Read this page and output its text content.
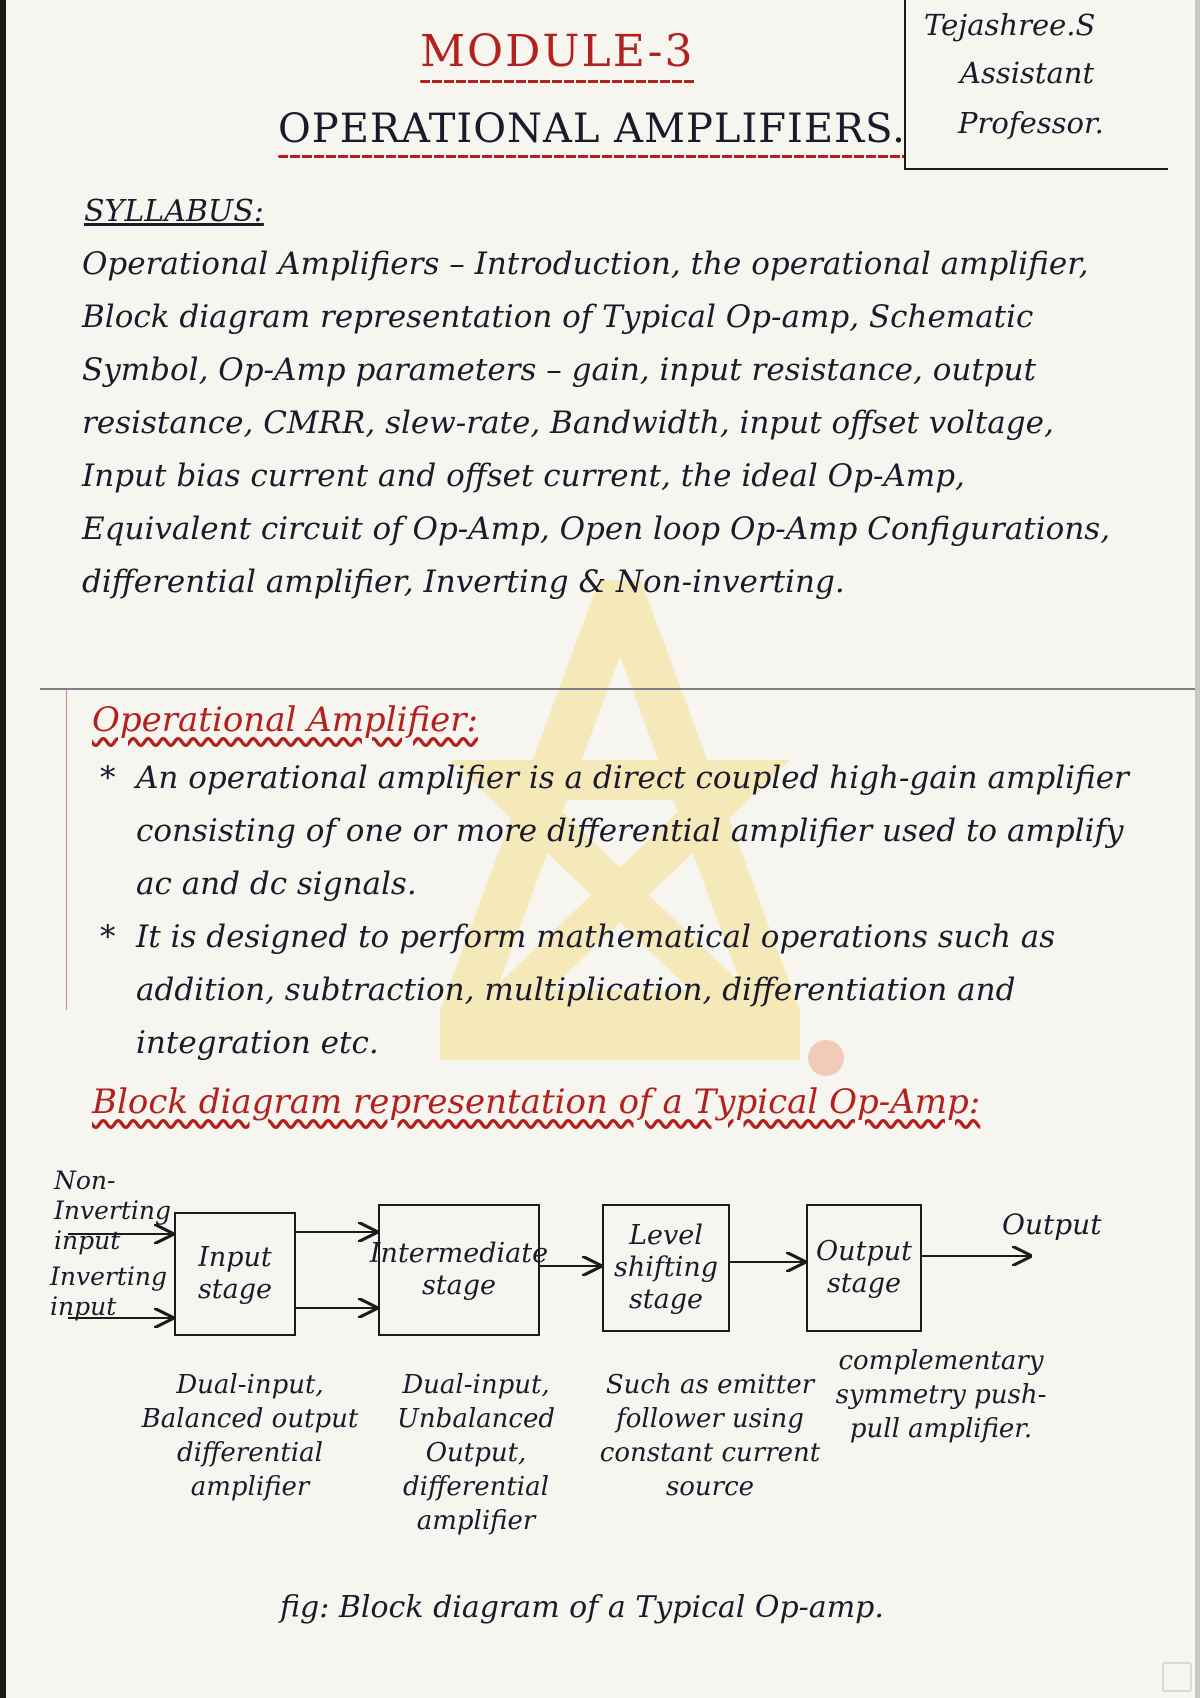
MODULE-3
OPERATIONAL AMPLIFIERS.
Tejashree.S
Assistant
Professor.
SYLLABUS:
Operational Amplifiers – Introduction, the operational amplifier, Block diagram representation of Typical Op-amp, Schematic Symbol, Op-Amp parameters – gain, input resistance, output resistance, CMRR, slew-rate, Bandwidth, input offset voltage, Input bias current and offset current, the ideal Op-Amp, Equivalent circuit of Op-Amp, Open loop Op-Amp Configurations, differential amplifier, Inverting & Non-inverting.
Operational Amplifier:

* An operational amplifier is a direct coupled high-gain amplifier consisting of one or more differential amplifier used to amplify ac and dc signals.

* It is designed to perform mathematical operations such as addition, subtraction, multiplication, differentiation and integration etc.

Block diagram representation of a Typical Op-Amp:
Non-Inverting input
Inverting input
Input stage
Intermediate stage
Level shifting stage
Output stage
Output
Dual-input, Balanced output differential amplifier
Dual-input, Unbalanced Output, differential amplifier
Such as emitter follower using constant current source
complementary symmetry push-pull amplifier.
fig: Block diagram of a Typical Op-amp.
